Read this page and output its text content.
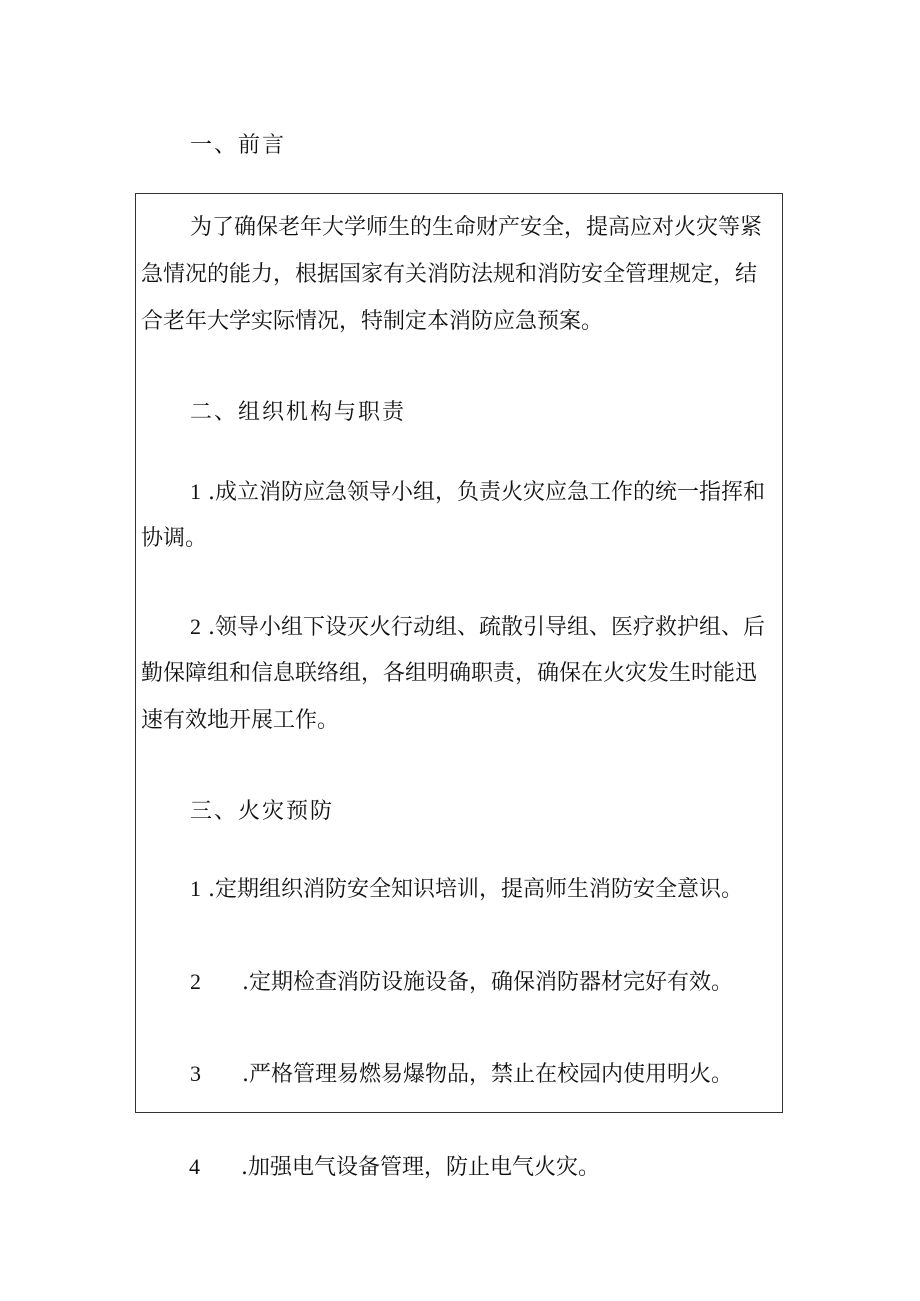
一、前言

为了确保老年大学师生的生命财产安全，提高应对火灾等紧

急情况的能力，根据国家有关消防法规和消防安全管理规定，结

合老年大学实际情况，特制定本消防应急预案。

二、组织机构与职责

1 .成立消防应急领导小组，负责火灾应急工作的统一指挥和

协调。

2 .领导小组下设灭火行动组、疏散引导组、医疗救护组、后

勤保障组和信息联络组，各组明确职责，确保在火灾发生时能迅

速有效地开展工作。

三、火灾预防

1 .定期组织消防安全知识培训，提高师生消防安全意识。

2 .定期检查消防设施设备，确保消防器材完好有效。

3 .严格管理易燃易爆物品，禁止在校园内使用明火。

4 .加强电气设备管理，防止电气火灾。
